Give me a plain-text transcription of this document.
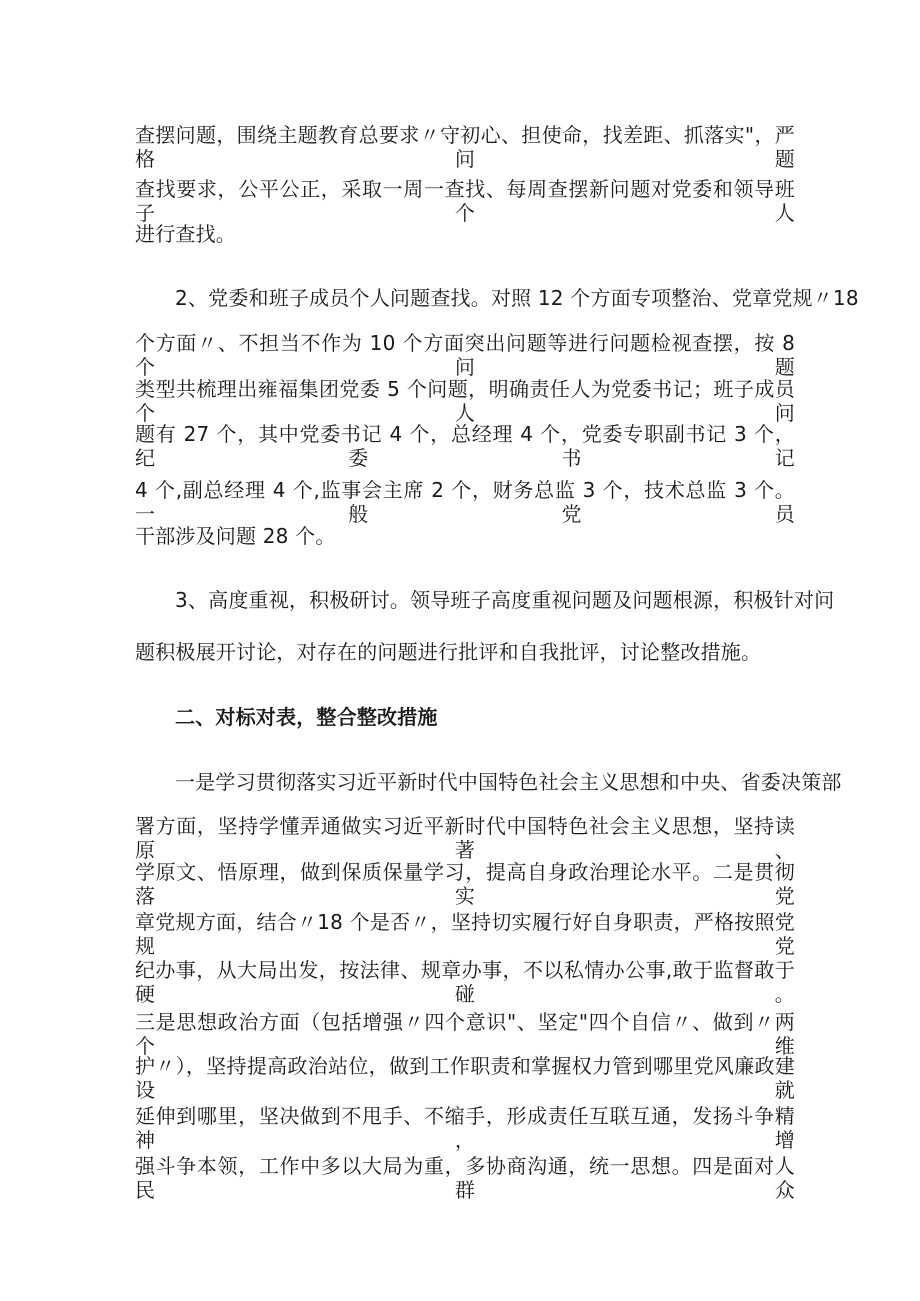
查摆问题，围绕主题教育总要求〃守初心、担使命，找差距、抓落实"，严格问题
查找要求，公平公正，采取一周一查找、每周查摆新问题对党委和领导班子个人
进行查找。
2、党委和班子成员个人问题查找。对照 12 个方面专项整治、党章党规〃18
个方面〃、不担当不作为 10 个方面突出问题等进行问题检视查摆，按 8 个问题
类型共梳理出雍福集团党委 5 个问题，明确责任人为党委书记；班子成员个人问
题有 27 个，其中党委书记 4 个，总经理 4 个，党委专职副书记 3 个，纪委书记
4 个,副总经理 4 个,监事会主席 2 个，财务总监 3 个，技术总监 3 个。一般党员
干部涉及问题 28 个。
3、高度重视，积极研讨。领导班子高度重视问题及问题根源，积极针对问
题积极展开讨论，对存在的问题进行批评和自我批评，讨论整改措施。
二、对标对表，整合整改措施
一是学习贯彻落实习近平新时代中国特色社会主义思想和中央、省委决策部
署方面，坚持学懂弄通做实习近平新时代中国特色社会主义思想，坚持读原著、
学原文、悟原理，做到保质保量学习，提高自身政治理论水平。二是贯彻落实党
章党规方面，结合〃18 个是否〃，坚持切实履行好自身职责，严格按照党规党
纪办事，从大局出发，按法律、规章办事，不以私情办公事,敢于监督敢于硬碰。
三是思想政治方面（包括增强〃四个意识"、坚定"四个自信〃、做到〃两个维
护〃），坚持提高政治站位，做到工作职责和掌握权力管到哪里党风廉政建设就
延伸到哪里，坚决做到不甩手、不缩手，形成责任互联互通，发扬斗争精神，增
强斗争本领，工作中多以大局为重，多协商沟通，统一思想。四是面对人民群众
